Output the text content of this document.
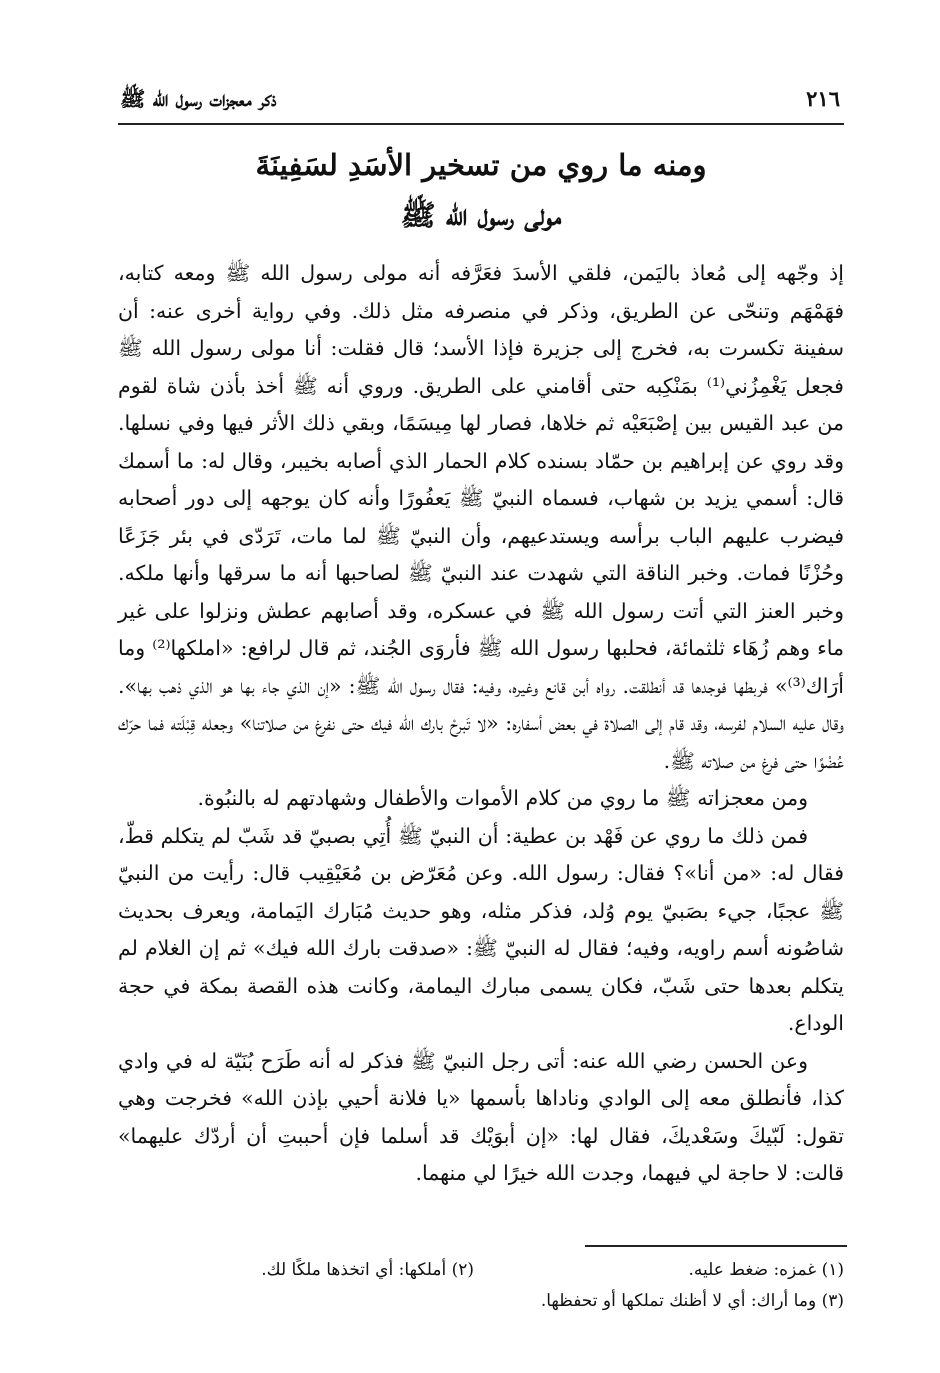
٢١٦
ذكر معجزات رسول الله ﷺ
ومنه ما روي من تسخير الأسَدِ لسَفِينَةَ
مولى رسول الله ﷺ

إذ وجّهه إلى مُعاذ باليَمن، فلقي الأسدَ فعَرَّفه أنه مولى رسول الله ﷺ ومعه كتابه، فهَمْهَم وتنحّى عن الطريق، وذكر في منصرفه مثل ذلك. وفي رواية أخرى عنه: أن سفينة تكسرت به، فخرج إلى جزيرة فإذا الأسد؛ قال فقلت: أنا مولى رسول الله ﷺ فجعل يَغْمِزُني⁽¹⁾ بمَنْكِبه حتى أقامني على الطريق. وروي أنه ﷺ أخذ بأذن شاة لقوم من عبد القيس بين إصْبَعَيْه ثم خلاها، فصار لها مِيسَمًا، وبقي ذلك الأثر فيها وفي نسلها. وقد روي عن إبراهيم بن حمّاد بسنده كلام الحمار الذي أصابه بخيبر، وقال له: ما أسمك قال: أسمي يزيد بن شهاب، فسماه النبيّ ﷺ يَعفُورًا وأنه كان يوجهه إلى دور أصحابه فيضرب عليهم الباب برأسه ويستدعيهم، وأن النبيّ ﷺ لما مات، تَرَدّى في بئر جَزَعًا وحُزْنًا فمات. وخبر الناقة التي شهدت عند النبيّ ﷺ لصاحبها أنه ما سرقها وأنها ملكه. وخبر العنز التي أتت رسول الله ﷺ في عسكره، وقد أصابهم عطش ونزلوا على غير ماء وهم زُهَاء ثلثمائة، فحلبها رسول الله ﷺ فأروَى الجُند، ثم قال لرافع: «املكها⁽²⁾ وما أرَاك⁽³⁾» فربطها فوجدها قد أنطلقت. رواه أبن قانع وغيره، وفيه: فقال رسول الله ﷺ: «إن الذي جاء بها هو الذي ذهب بها». وقال عليه السلام لفرسه، وقد قام إلى الصلاة في بعض أسفاره: «لا تَبرحْ بارك الله فيك حتى نفرغ من صلاتنا» وجعله قِبْلَته فما حرّك عُضْوًا حتى فرغ من صلاته ﷺ.

ومن معجزاته ﷺ ما روي من كلام الأموات والأطفال وشهادتهم له بالنبُوة.

فمن ذلك ما روي عن فَهْد بن عطية: أن النبيّ ﷺ أُتِي بصبيّ قد شَبّ لم يتكلم قطّ، فقال له: «من أنا»؟ فقال: رسول الله. وعن مُعَرّض بن مُعَيْقِيب قال: رأيت من النبيّ ﷺ عجبًا، جيء بصَبيّ يوم وُلد، فذكر مثله، وهو حديث مُبَارك اليَمامة، ويعرف بحديث شاصُونه أسم راويه، وفيه؛ فقال له النبيّ ﷺ: «صدقت بارك الله فيك» ثم إن الغلام لم يتكلم بعدها حتى شَبّ، فكان يسمى مبارك اليمامة، وكانت هذه القصة بمكة في حجة الوداع.

وعن الحسن رضي الله عنه: أتى رجل النبيّ ﷺ فذكر له أنه طَرَح بُنَيّة له في وادي كذا، فأنطلق معه إلى الوادي وناداها بأسمها «يا فلانة أحيي بإذن الله» فخرجت وهي تقول: لَبّيكَ وسَعْديكَ، فقال لها: «إن أبوَيْك قد أسلما فإن أحببتِ أن أردّك عليهما» قالت: لا حاجة لي فيهما، وجدت الله خيرًا لي منهما.

(١) غمزه: ضغط عليه.
(٢) أملكها: أي اتخذها ملكًا لك.
(٣) وما أراك: أي لا أظنك تملكها أو تحفظها.
